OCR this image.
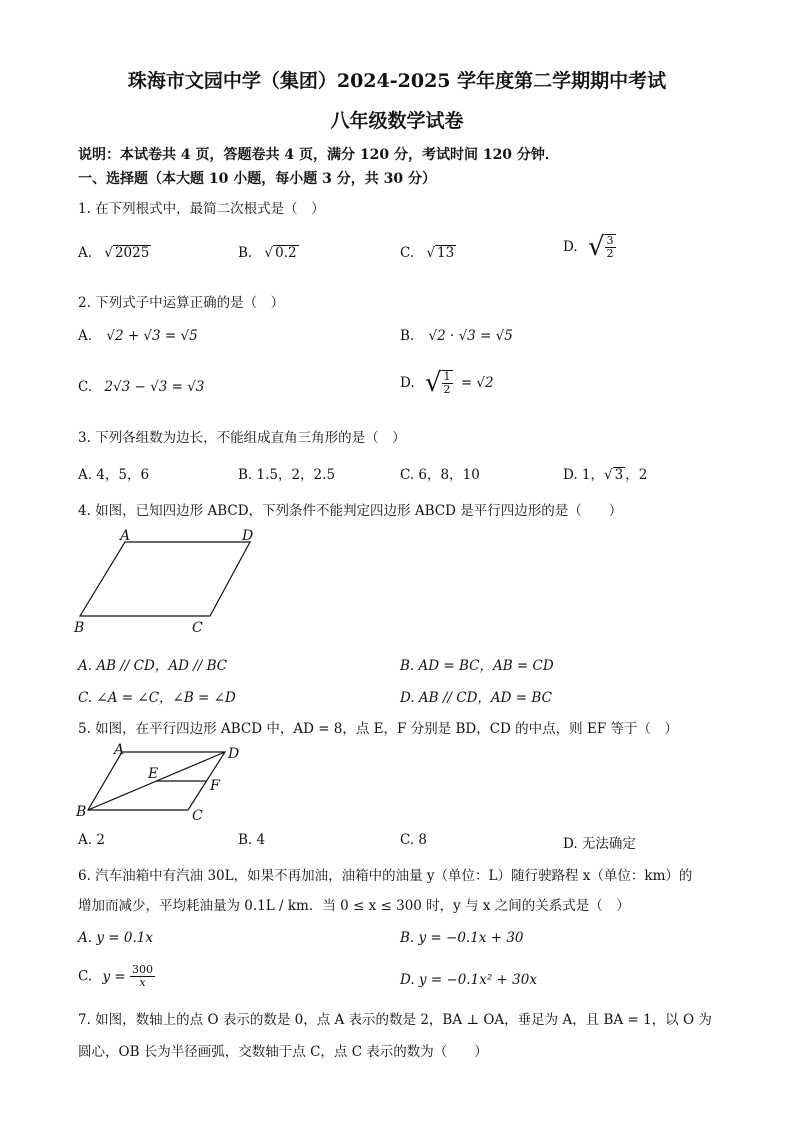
珠海市文园中学（集团）2024-2025 学年度第二学期期中考试
八年级数学试卷
说明：本试卷共 4 页，答题卷共 4 页，满分 120 分，考试时间 120 分钟．
一、选择题（本大题 10 小题，每小题 3 分，共 30 分）
1. 在下列根式中，最简二次根式是（　）
A. √ 2025	B. √ 0.2	C. √ 13	D. √ $\frac{3}{2}$
2. 下列式子中运算正确的是（　）
A. √2 + √3 = √5	B. √2 · √3 = √5
C. 2√3 − √3 = √3	D. √ $\frac{1}{2} = √2$
3. 下列各组数为边长，不能组成直角三角形的是（　）
A. 4，5，6	B. 1.5，2，2.5	C. 6，8，10	D. 1，√ 3 ，2
4. 如图，已知四边形 ABCD，下列条件不能判定四边形 ABCD 是平行四边形的是（　　）
A	D
B	C
A. AB // CD，AD // BC	B. AD = BC，AB = CD
C. ∠A = ∠C，∠B = ∠D	D. AB // CD，AD = BC
5. 如图，在平行四边形 ABCD 中，AD = 8，点 E，F 分别是 BD，CD 的中点，则 EF 等于（　）
A	D
B	C
E
F
A. 2	B. 4	C. 8	D. 无法确定
6. 汽车油箱中有汽油 30L，如果不再加油，油箱中的油量 y（单位：L）随行驶路程 x（单位：km）的
增加而减少，平均耗油量为 0.1L / km．当 0 ≤ x ≤ 300 时，y 与 x 之间的关系式是（　）
A. y = 0.1x	B. y = −0.1x + 30
C. $y = \frac{300}{x}$	D. y = −0.1x² + 30x
7. 如图，数轴上的点 O 表示的数是 0，点 A 表示的数是 2，BA ⊥ OA，垂足为 A，且 BA = 1，以 O 为
圆心，OB 长为半径画弧，交数轴于点 C，点 C 表示的数为（　　）
